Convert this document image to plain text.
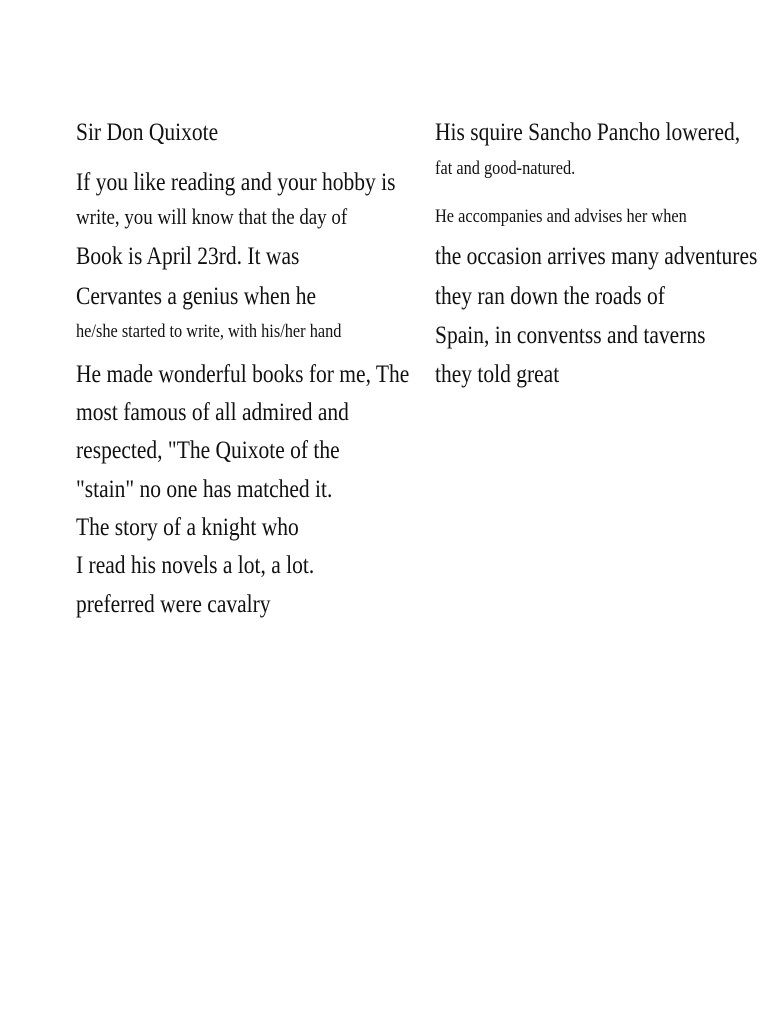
Sir Don Quixote
If you like reading and your hobby is
write, you will know that the day of
Book is April 23rd. It was
Cervantes a genius when he
he/she started to write, with his/her hand
He made wonderful books for me, The
most famous of all admired and
respected, "The Quixote of the
"stain" no one has matched it.
The story of a knight who
I read his novels a lot, a lot.
preferred were cavalry
His squire Sancho Pancho lowered,
fat and good-natured.
He accompanies and advises her when
the occasion arrives many adventures
they ran down the roads of
Spain, in conventss and taverns
they told great
